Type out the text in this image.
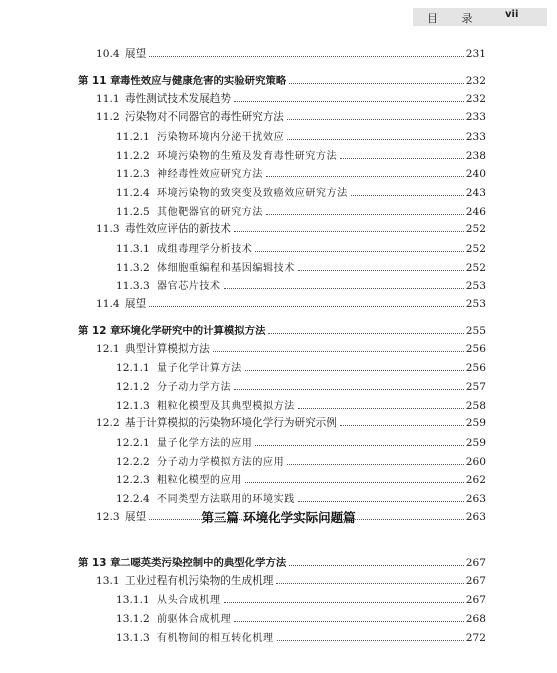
目 录 vii
10.4 展望	231
第 11 章 毒性效应与健康危害的实验研究策略	232
11.1 毒性测试技术发展趋势	232
11.2 污染物对不同器官的毒性研究方法	233
11.2.1 污染物环境内分泌干扰效应	233
11.2.2 环境污染物的生殖及发育毒性研究方法	238
11.2.3 神经毒性效应研究方法	240
11.2.4 环境污染物的致突变及致癌效应研究方法	243
11.2.5 其他靶器官的研究方法	246
11.3 毒性效应评估的新技术	252
11.3.1 成组毒理学分析技术	252
11.3.2 体细胞重编程和基因编辑技术	252
11.3.3 器官芯片技术	253
11.4 展望	253
第 12 章 环境化学研究中的计算模拟方法	255
12.1 典型计算模拟方法	256
12.1.1 量子化学计算方法	256
12.1.2 分子动力学方法	257
12.1.3 粗粒化模型及其典型模拟方法	258
12.2 基于计算模拟的污染物环境化学行为研究示例	259
12.2.1 量子化学方法的应用	259
12.2.2 分子动力学模拟方法的应用	260
12.2.3 粗粒化模型的应用	262
12.2.4 不同类型方法联用的环境实践	263
12.3 展望	263
第 13 章 二噁英类污染控制中的典型化学方法	267
13.1 工业过程有机污染物的生成机理	267
13.1.1 从头合成机理	267
13.1.2 前驱体合成机理	268
13.1.3 有机物间的相互转化机理	272
第三篇 环境化学实际问题篇
